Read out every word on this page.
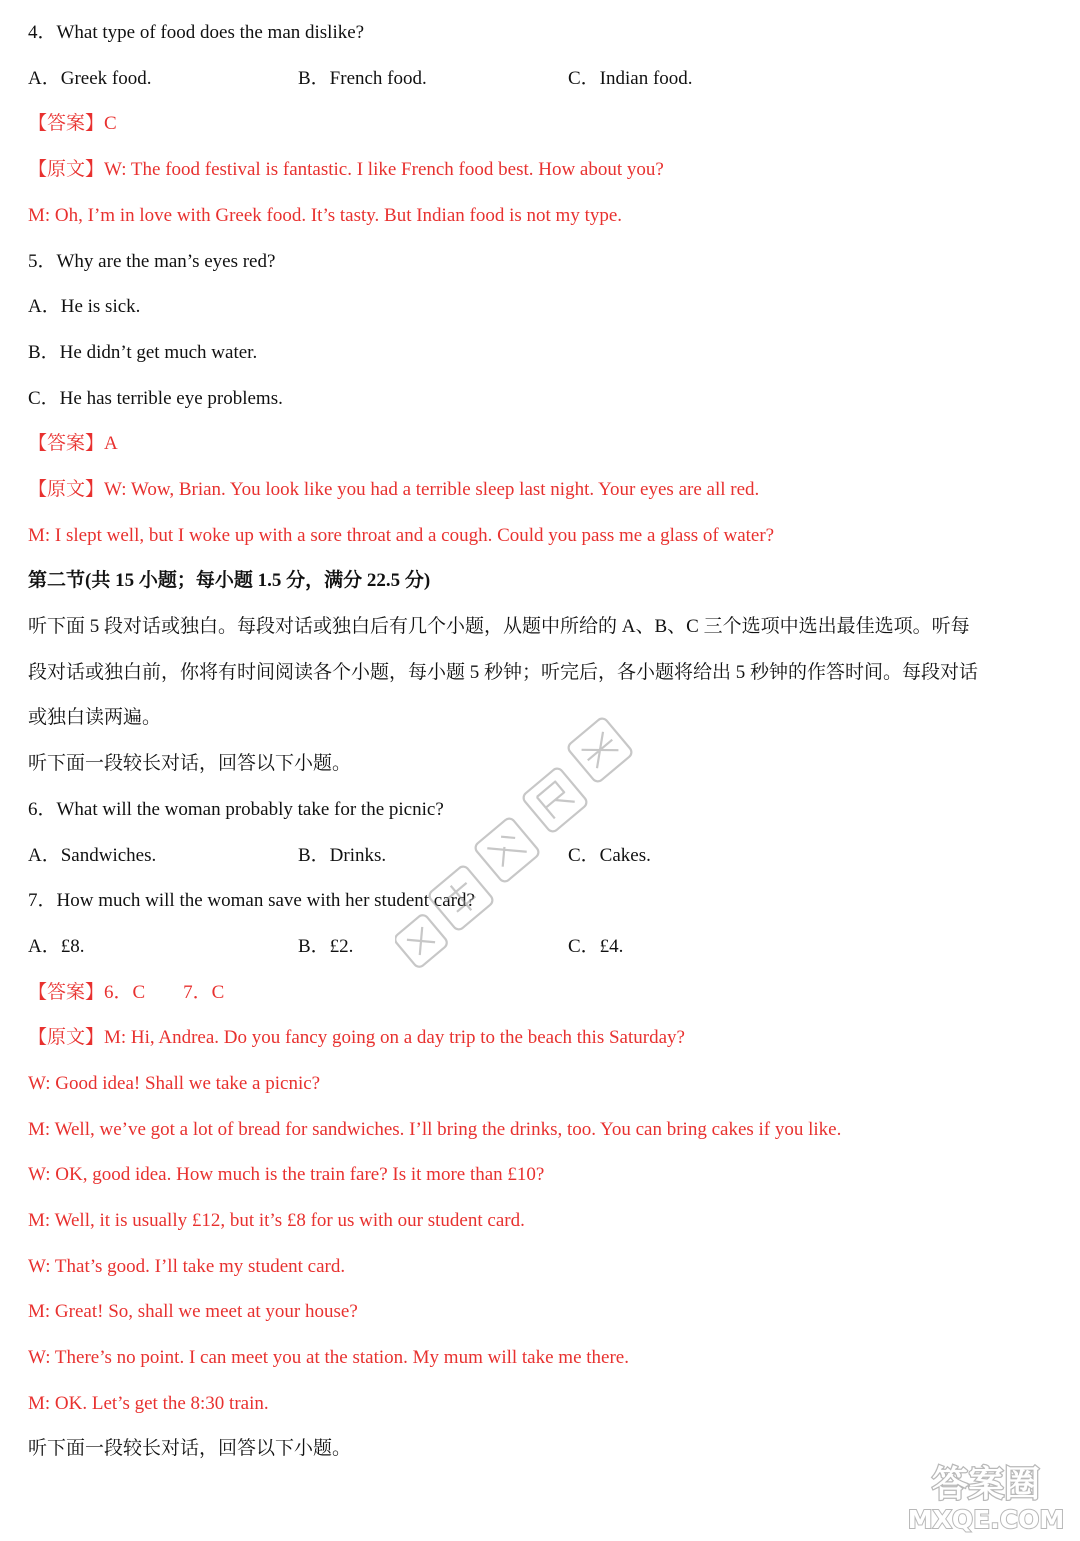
4．What type of food does the man dislike?
A．Greek food.	B．French food.	C．Indian food.
【答案】C
【原文】W: The food festival is fantastic. I like French food best. How about you?
M: Oh, I’m in love with Greek food. It’s tasty. But Indian food is not my type.
5．Why are the man’s eyes red?
A．He is sick.
B．He didn’t get much water.
C．He has terrible eye problems.
【答案】A
【原文】W: Wow, Brian. You look like you had a terrible sleep last night. Your eyes are all red.
M: I slept well, but I woke up with a sore throat and a cough. Could you pass me a glass of water?
第二节(共 15 小题；每小题 1.5 分，满分 22.5 分)
听下面 5 段对话或独白。每段对话或独白后有几个小题，从题中所给的 A、B、C 三个选项中选出最佳选项。听每
段对话或独白前，你将有时间阅读各个小题，每小题 5 秒钟；听完后，各小题将给出 5 秒钟的作答时间。每段对话
或独白读两遍。
听下面一段较长对话，回答以下小题。
6．What will the woman probably take for the picnic?
A．Sandwiches.	B．Drinks.	C．Cakes.
7．How much will the woman save with her student card?
A．£8.	B．£2.	C．£4.
【答案】6．C　　7．C
【原文】M: Hi, Andrea. Do you fancy going on a day trip to the beach this Saturday?
W: Good idea! Shall we take a picnic?
M: Well, we’ve got a lot of bread for sandwiches. I’ll bring the drinks, too. You can bring cakes if you like.
W: OK, good idea. How much is the train fare? Is it more than £10?
M: Well, it is usually £12, but it’s £8 for us with our student card.
W: That’s good. I’ll take my student card.
M: Great! So, shall we meet at your house?
W: There’s no point. I can meet you at the station. My mum will take me there.
M: OK. Let’s get the 8:30 train.
听下面一段较长对话，回答以下小题。
答案圈
MXQE.COM
